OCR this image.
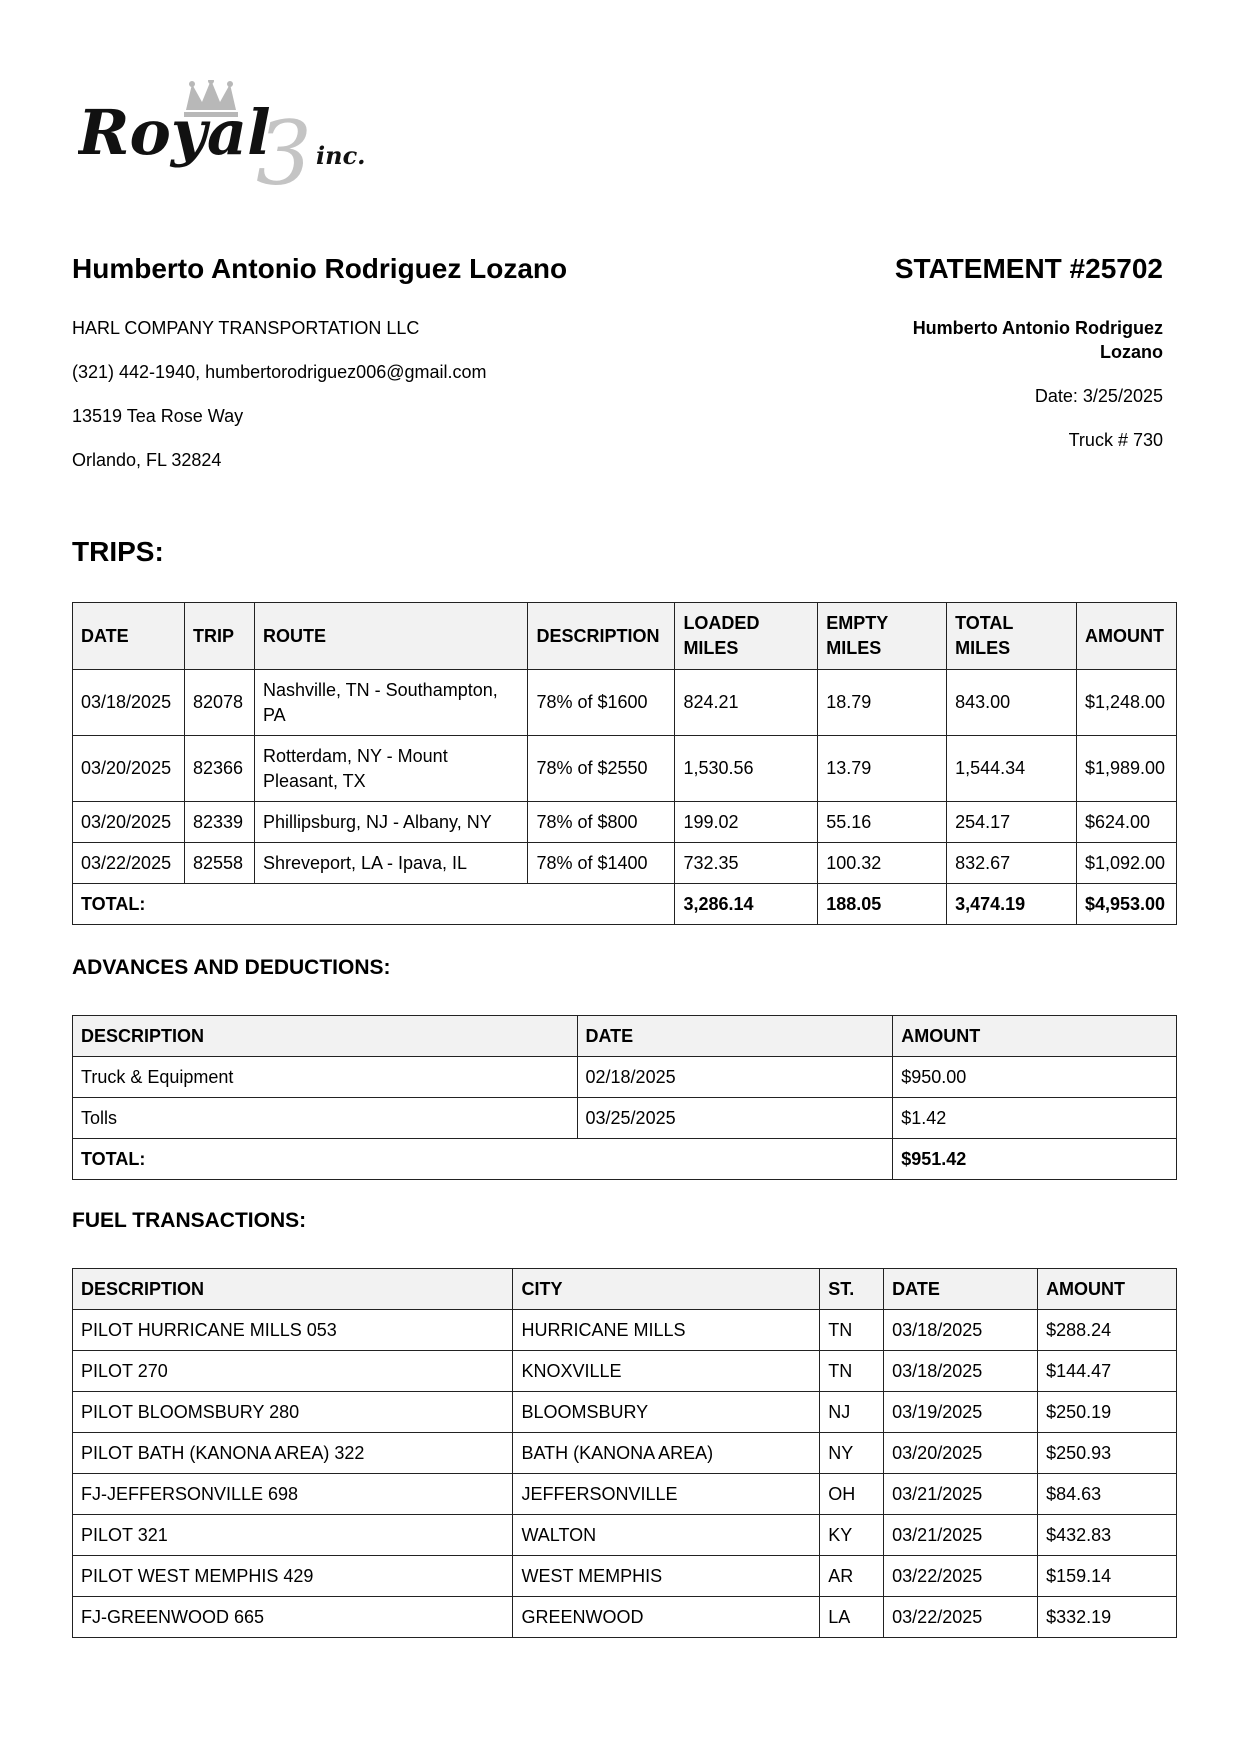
3
Royal inc.
Humberto Antonio Rodriguez Lozano
HARL COMPANY TRANSPORTATION LLC
(321) 442-1940, humbertorodriguez006@gmail.com
13519 Tea Rose Way
Orlando, FL 32824
STATEMENT #25702
Humberto Antonio Rodriguez Lozano
Date: 3/25/2025
Truck # 730
TRIPS:
DATE	TRIP	ROUTE	DESCRIPTION	LOADED MILES	EMPTY MILES	TOTAL MILES	AMOUNT
03/18/2025	82078	Nashville, TN - Southampton, PA	78% of $1600	824.21	18.79	843.00	$1,248.00
03/20/2025	82366	Rotterdam, NY - Mount Pleasant, TX	78% of $2550	1,530.56	13.79	1,544.34	$1,989.00
03/20/2025	82339	Phillipsburg, NJ - Albany, NY	78% of $800	199.02	55.16	254.17	$624.00
03/22/2025	82558	Shreveport, LA - Ipava, IL	78% of $1400	732.35	100.32	832.67	$1,092.00
TOTAL:				3,286.14	188.05	3,474.19	$4,953.00
ADVANCES AND DEDUCTIONS:
DESCRIPTION	DATE	AMOUNT
Truck & Equipment	02/18/2025	$950.00
Tolls	03/25/2025	$1.42
TOTAL:		$951.42
FUEL TRANSACTIONS:
DESCRIPTION	CITY	ST.	DATE	AMOUNT
PILOT HURRICANE MILLS 053	HURRICANE MILLS	TN	03/18/2025	$288.24
PILOT 270	KNOXVILLE	TN	03/18/2025	$144.47
PILOT BLOOMSBURY 280	BLOOMSBURY	NJ	03/19/2025	$250.19
PILOT BATH (KANONA AREA) 322	BATH (KANONA AREA)	NY	03/20/2025	$250.93
FJ-JEFFERSONVILLE 698	JEFFERSONVILLE	OH	03/21/2025	$84.63
PILOT 321	WALTON	KY	03/21/2025	$432.83
PILOT WEST MEMPHIS 429	WEST MEMPHIS	AR	03/22/2025	$159.14
FJ-GREENWOOD 665	GREENWOOD	LA	03/22/2025	$332.19
